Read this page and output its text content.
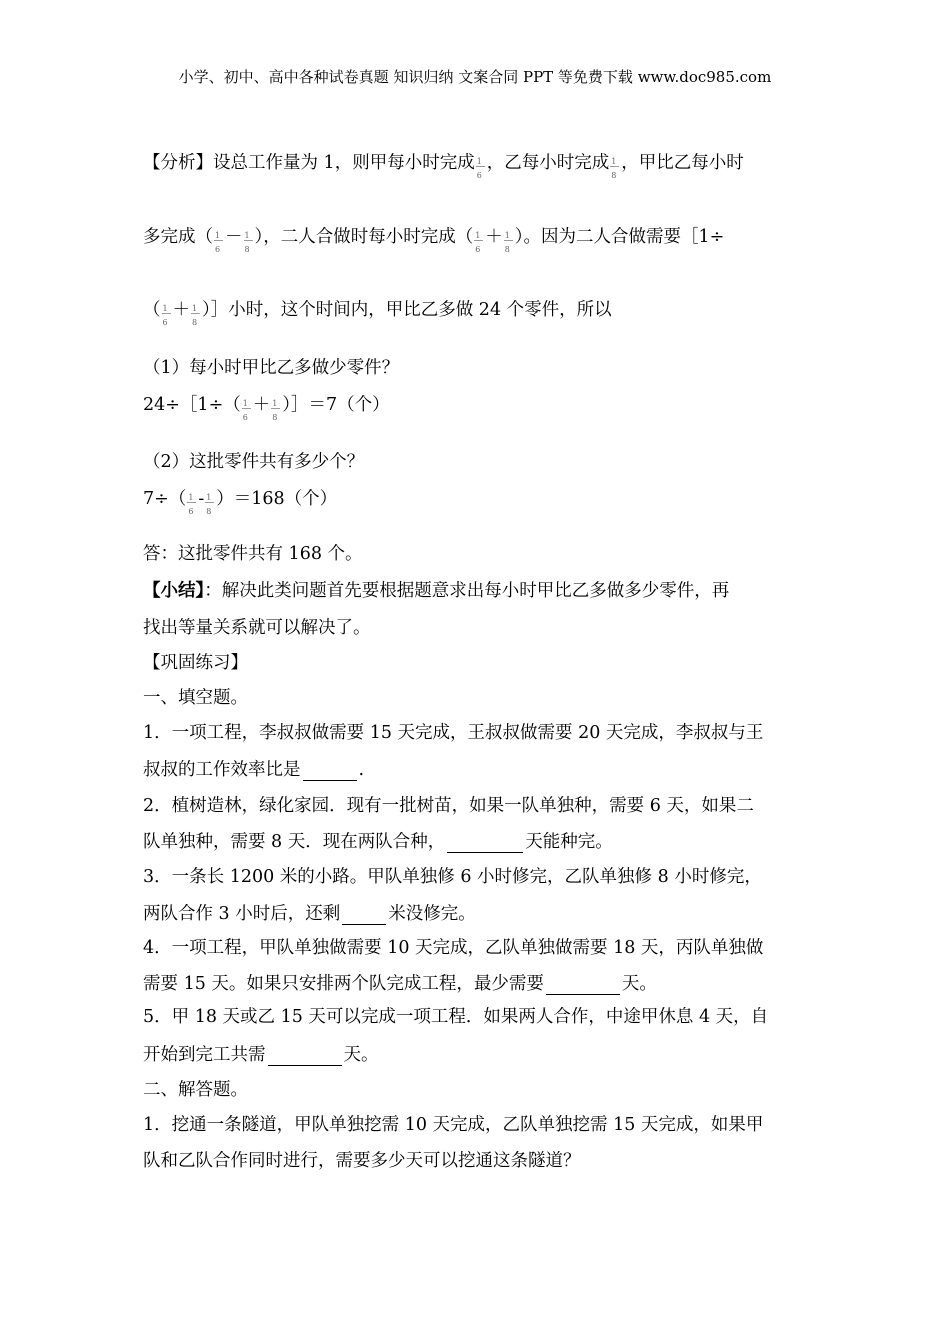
小学、初中、高中各种试卷真题 知识归纳 文案合同 PPT 等免费下载 www.doc985.com
【分析】设总工作量为 1，则甲每小时完成 $\frac{1}{6}$ ，乙每小时完成 $\frac{1}{8}$ ，甲比乙每小时
多完成（ $\frac{1}{6} - \frac{1}{8}$ ），二人合做时每小时完成（ $\frac{1}{6} + \frac{1}{8}$ ）。因为二人合做需要［1÷
（ $\frac{1}{6} + \frac{1}{8}$ ）］小时，这个时间内，甲比乙多做 24 个零件，所以
（1）每小时甲比乙多做少零件？
24÷［1÷（ $\frac{1}{6} + \frac{1}{8}$ ）］＝7（个）
（2）这批零件共有多少个？
$7\div( \frac{1}{6} - \frac{1}{8} )=168$（个）
答：这批零件共有 168 个。
【小结】：解决此类问题首先要根据题意求出每小时甲比乙多做多少零件，再
找出等量关系就可以解决了。
【巩固练习】
一、填空题。
1．一项工程，李叔叔做需要 15 天完成，王叔叔做需要 20 天完成，李叔叔与王
叔叔的工作效率比是	.
2．植树造林，绿化家园．现有一批树苗，如果一队单独种，需要 6 天，如果二
队单独种，需要 8 天．现在两队合种，	天能种完。
3．一条长 1200 米的小路。甲队单独修 6 小时修完，乙队单独修 8 小时修完，
两队合作 3 小时后，还剩	米没修完。
4．一项工程，甲队单独做需要 10 天完成，乙队单独做需要 18 天，丙队单独做
需要 15 天。如果只安排两个队完成工程，最少需要	天。
5．甲 18 天或乙 15 天可以完成一项工程．如果两人合作，中途甲休息 4 天，自
开始到完工共需	天。
二、解答题。
1．挖通一条隧道，甲队单独挖需 10 天完成，乙队单独挖需 15 天完成，如果甲
队和乙队合作同时进行，需要多少天可以挖通这条隧道？
